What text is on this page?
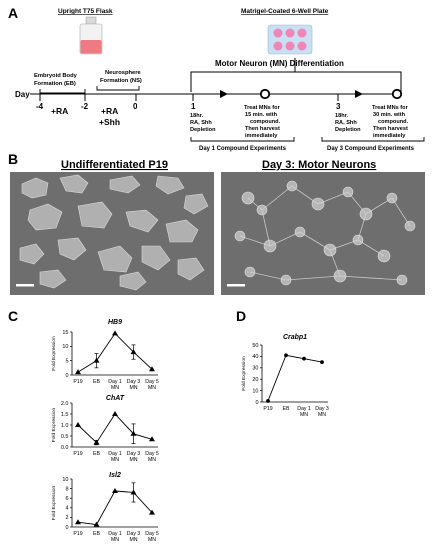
A	Upright T75 Flask	Matrigel-Coated 6-Well Plate
Embryoid Body
Formation (EB)
Neurosphere
Formation (NS)
Motor Neuron (MN) Differentiation
Day
-4	-2	0	1	3
+RA	+RA
+Shh
18hr.
RA, Shh
Depletion
Treat MNs for
15 min. with
compound.
Then harvest
immediately
18hr.
RA, Shh
Depletion
Treat MNs for
30 min. with
compound.
Then harvest
immediately
Day 1 Compound Experiments	Day 3 Compound Experiments
B	Undifferentiated P19	Day 3: Motor Neurons
C	D
HB9
Fold Expression
0
5
10
15
P19 EB Day 1 MN
Day 3 MN
Day 5 MN
ChAT
Fold Expression
0.0
0.5
1.0
1.5
2.0
P19 EB Day 1 MN
Day 3 MN
Day 5 MN
Isl2
Fold Expression
0
2
4
6
8
10
P19 EB Day 1 MN
Day 3 MN
Day 5 MN
Crabp1
Fold Expression
0
10
20
30
40
50
P19 EB Day 1 MN
Day 3 MN
